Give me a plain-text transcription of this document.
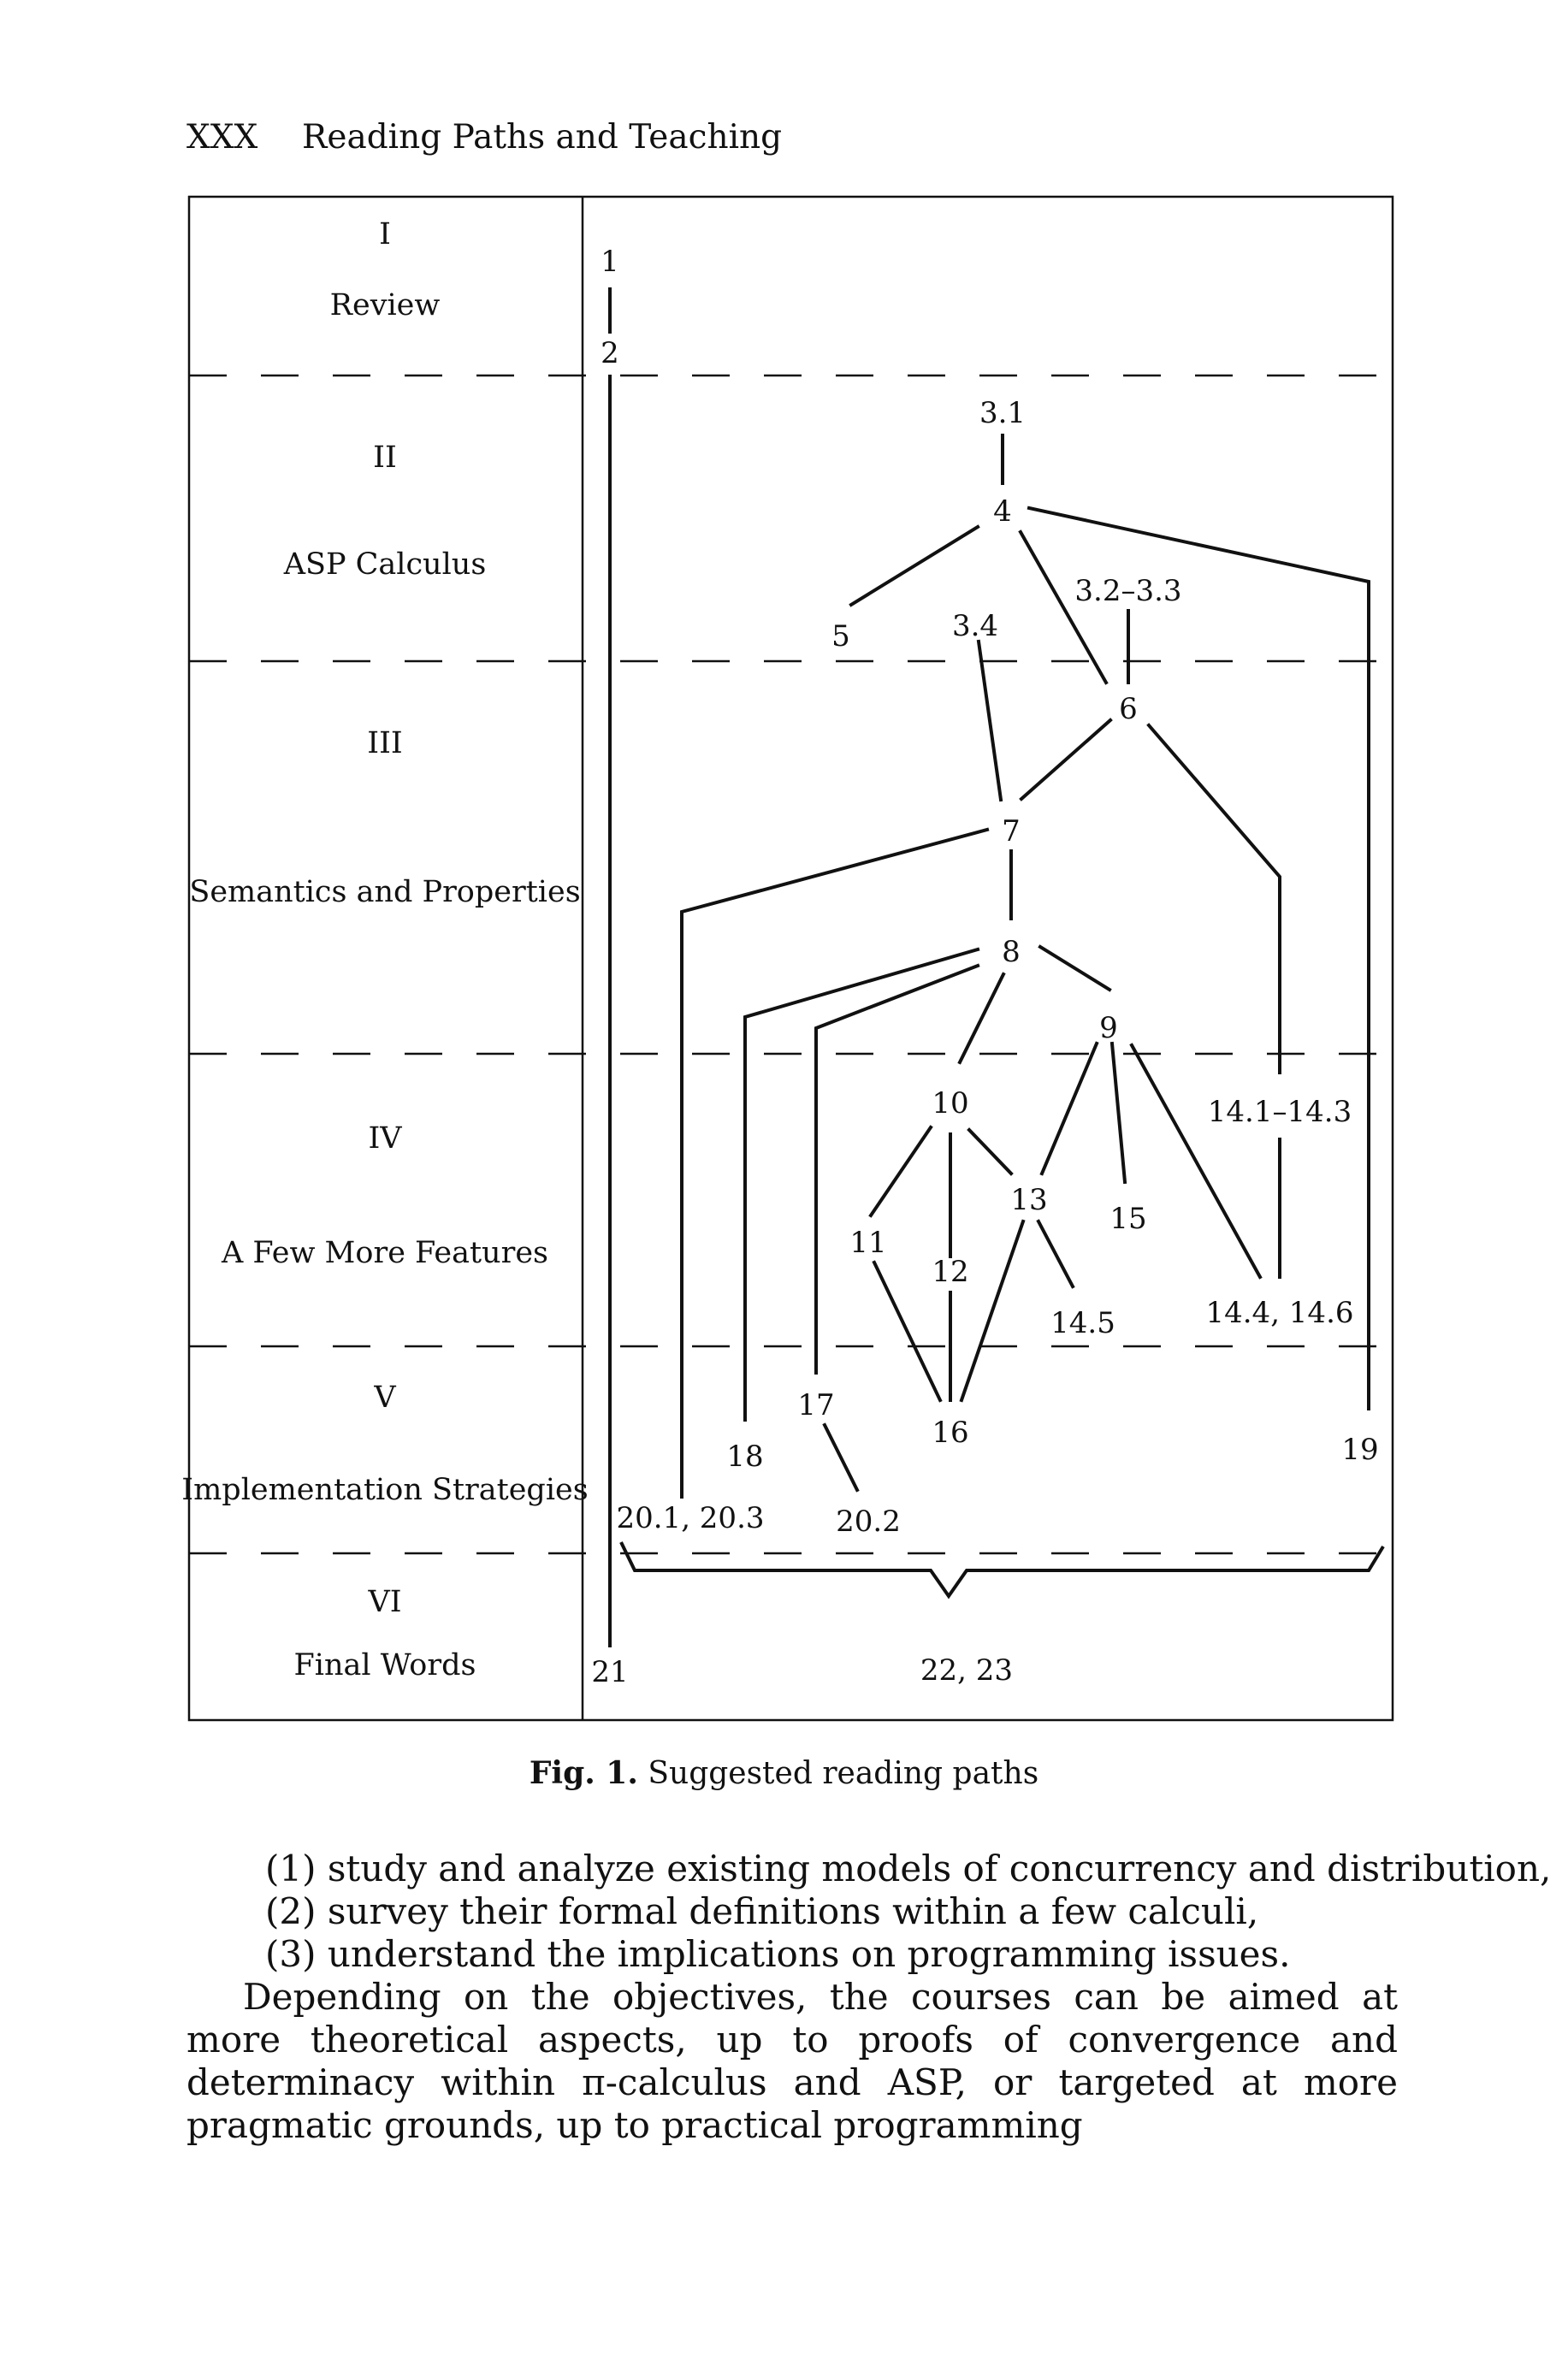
XXX Reading Paths and Teaching
I
Review
II
ASP Calculus
III
Semantics and Properties
IV
A Few More Features
V
Implementation Strategies
VI
Final Words
1
2
3.1
4
5	3.4
3.2–3.3
6
7
8
9
10	14.1–14.3
13
15
11
12
14.5	14.4, 14.6
17
16
18	19
20.1, 20.3 20.2
21	22, 23
Fig. 1. Suggested reading paths
(1) study and analyze existing models of concurrency and distribution,
(2) survey their formal definitions within a few calculi,
(3) understand the implications on programming issues.
Depending on the objectives, the courses can be aimed at more theoretical aspects, up to proofs of convergence and determinacy within π-calculus and ASP, or targeted at more pragmatic grounds, up to practical programming
